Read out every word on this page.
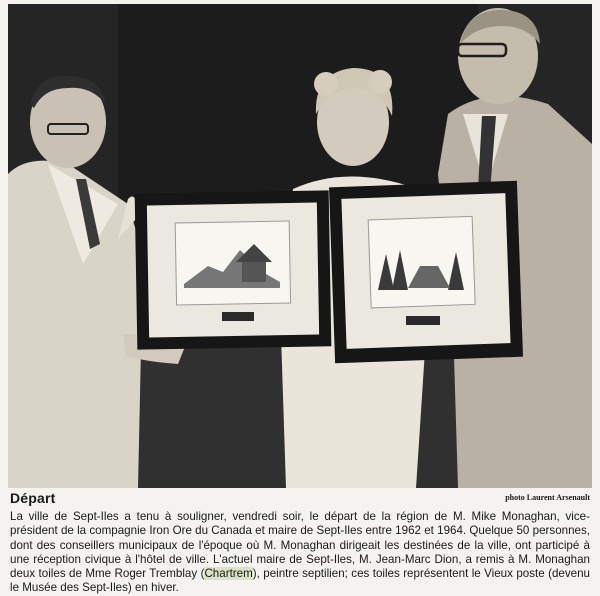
Départ	photo Laurent Arsenault

La ville de Sept-Iles a tenu à souligner, vendredi soir, le départ de la région de M. Mike Monaghan, vice-président de la compagnie Iron Ore du Canada et maire de Sept-Iles entre 1962 et 1964. Quelque 50 personnes, dont des conseillers municipaux de l'époque où M. Monaghan dirigeait les destinées de la ville, ont participé à une réception civique à l'hôtel de ville. L'actuel maire de Sept-Iles, M. Jean-Marc Dion, a remis à M. Monaghan deux toiles de Mme Roger Tremblay (Chartrem), peintre septilien; ces toiles représentent le Vieux poste (devenu le Musée des Sept-Iles) en hiver.
